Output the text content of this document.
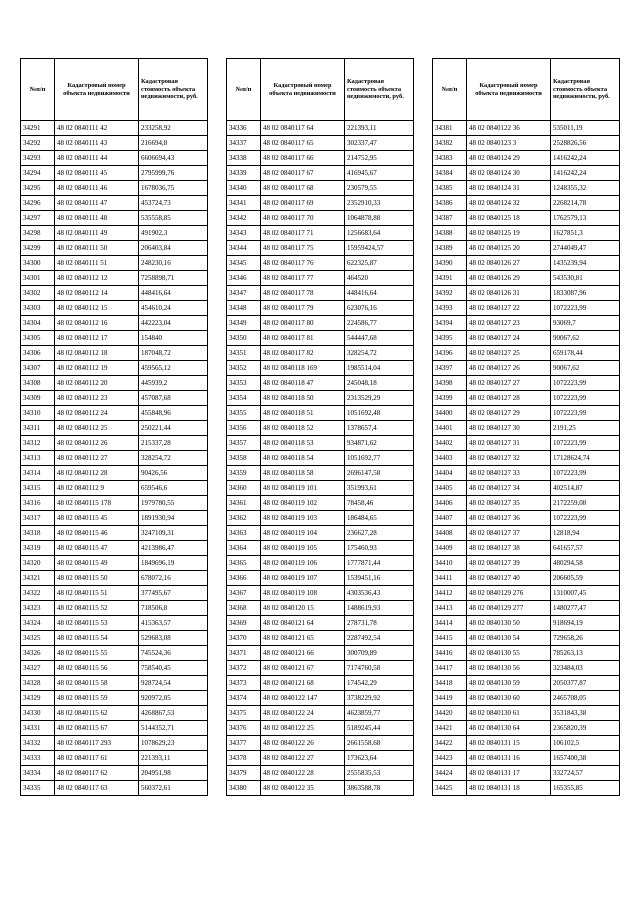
№п/п	Кадастровый номер объекта недвижимости	Кадастровая стоимость объекта недвижимости, руб.
34291	48 02 0840111 42	233258,92
34292	48 02 0840111 43	216694,8
34293	48 02 0840111 44	6606694,43
34294	48 02 0840111 45	2795999,76
34295	48 02 0840111 46	1678036,75
34296	48 02 0840111 47	453724,73
34297	48 02 0840111 48	535558,85
34298	48 02 0840111 49	491902,3
34299	48 02 0840111 50	206403,84
34300	48 02 0840111 51	248230,16
34301	48 02 0840112 12	7258898,71
34302	48 02 0840112 14	448416,64
34303	48 02 0840112 15	454610,24
34304	48 02 0840112 16	442223,04
34305	48 02 0840112 17	154840
34306	48 02 0840112 18	187048,72
34307	48 02 0840112 19	459565,12
34308	48 02 0840112 20	445939,2
34309	48 02 0840112 23	457087,68
34310	48 02 0840112 24	455848,96
34311	48 02 0840112 25	250221,44
34312	48 02 0840112 26	215337,28
34313	48 02 0840112 27	328254,72
34314	48 02 0840112 28	90426,56
34315	48 02 0840112 9	659546,6
34316	48 02 0840115 178	1979780,55
34317	48 02 0840115 45	1891930,94
34318	48 02 0840115 46	3247109,31
34319	48 02 0840115 47	4213986,47
34320	48 02 0840115 49	1849696,19
34321	48 02 0840115 50	678072,16
34322	48 02 0840115 51	377495,67
34323	48 02 0840115 52	718506,8
34324	48 02 0840115 53	415363,57
34325	48 02 0840115 54	529683,08
34326	48 02 0840115 55	745524,36
34327	48 02 0840115 56	758540,45
34328	48 02 0840115 58	928724,54
34329	48 02 0840115 59	920972,05
34330	48 02 0840115 62	4268867,53
34331	48 02 0840115 67	5144352,71
34332	48 02 0840117 293	1078629,23
34333	48 02 0840117 61	221393,11
34334	48 02 0840117 62	204951,98
34335	48 02 0840117 63	560372,61
№п/п	Кадастровый номер объекта недвижимости	Кадастровая стоимость объекта недвижимости, руб.
34336	48 02 0840117 64	221393,11
34337	48 02 0840117 65	302337,47
34338	48 02 0840117 66	214752,95
34339	48 02 0840117 67	416945,67
34340	48 02 0840117 68	230579,55
34341	48 02 0840117 69	2352910,33
34342	48 02 0840117 70	1064878,88
34343	48 02 0840117 71	1256683,64
34344	48 02 0840117 75	15959424,57
34345	48 02 0840117 76	622325,87
34346	48 02 0840117 77	464520
34347	48 02 0840117 78	448416,64
34348	48 02 0840117 79	623076,16
34349	48 02 0840117 80	224586,77
34350	48 02 0840117 81	544447,68
34351	48 02 0840117 82	328254,72
34352	48 02 0840118 169	1985514,04
34353	48 02 0840118 47	245048,18
34354	48 02 0840118 50	2313529,29
34355	48 02 0840118 51	1051692,48
34356	48 02 0840118 52	1378657,4
34357	48 02 0840118 53	934871,62
34358	48 02 0840118 54	1051692,77
34359	48 02 0840118 58	2696147,58
34360	48 02 0840119 101	351993,61
34361	48 02 0840119 102	78458,46
34362	48 02 0840119 103	186484,65
34363	48 02 0840119 104	236627,28
34364	48 02 0840119 105	175460,93
34365	48 02 0840119 106	1777871,44
34366	48 02 0840119 107	1539451,16
34367	48 02 0840119 108	4303536,43
34368	48 02 0840120 15	1488619,93
34369	48 02 0840121 64	278731,78
34370	48 02 0840121 65	2287492,54
34371	48 02 0840121 66	300709,89
34372	48 02 0840121 67	7174760,58
34373	48 02 0840121 68	174542,29
34374	48 02 0840122 147	3738229,92
34375	48 02 0840122 24	4623859,77
34376	48 02 0840122 25	5189245,44
34377	48 02 0840122 26	2661558,68
34378	48 02 0840122 27	173623,64
34379	48 02 0840122 28	2555835,53
34380	48 02 0840122 35	3863588,78
№п/п	Кадастровый номер объекта недвижимости	Кадастровая стоимость объекта недвижимости, руб.
34381	48 02 0840122 36	535011,19
34382	48 02 0840123 3	2528826,56
34383	48 02 0840124 29	1416242,24
34384	48 02 0840124 30	1416242,24
34385	48 02 0840124 31	1248355,32
34386	48 02 0840124 32	2268214,78
34387	48 02 0840125 18	1762579,13
34388	48 02 0840125 19	1627851,3
34389	48 02 0840125 20	2744049,47
34390	48 02 0840126 27	1435239,94
34391	48 02 0840126 29	543530,81
34392	48 02 0840126 31	1833087,96
34393	48 02 0840127 22	1072223,99
34394	48 02 0840127 23	93069,7
34395	48 02 0840127 24	90067,62
34396	48 02 0840127 25	659178,44
34397	48 02 0840127 26	90067,62
34398	48 02 0840127 27	1072223,99
34399	48 02 0840127 28	1072223,99
34400	48 02 0840127 29	1072223,99
34401	48 02 0840127 30	2191,25
34402	48 02 0840127 31	1072223,99
34403	48 02 0840127 32	17128624,74
34404	48 02 0840127 33	1072223,99
34405	48 02 0840127 34	402514,87
34406	48 02 0840127 35	2172259,08
34407	48 02 0840127 36	1072223,99
34408	48 02 0840127 37	12818,94
34409	48 02 0840127 38	641657,57
34410	48 02 0840127 39	480294,58
34411	48 02 0840127 40	206605,59
34412	48 02 0840129 276	1310007,45
34413	48 02 0840129 277	1480277,47
34414	48 02 0840130 50	918694,19
34415	48 02 0840130 54	729658,26
34416	48 02 0840130 55	785263,13
34417	48 02 0840130 56	323484,03
34418	48 02 0840130 59	2050377,87
34419	48 02 0840130 60	2465708,05
34420	48 02 0840130 61	3531843,38
34421	48 02 0840130 64	2365820,39
34422	48 02 0840131 15	106102,5
34423	48 02 0840131 16	1657400,38
34424	48 02 0840131 17	332724,57
34425	48 02 0840131 18	165355,85
